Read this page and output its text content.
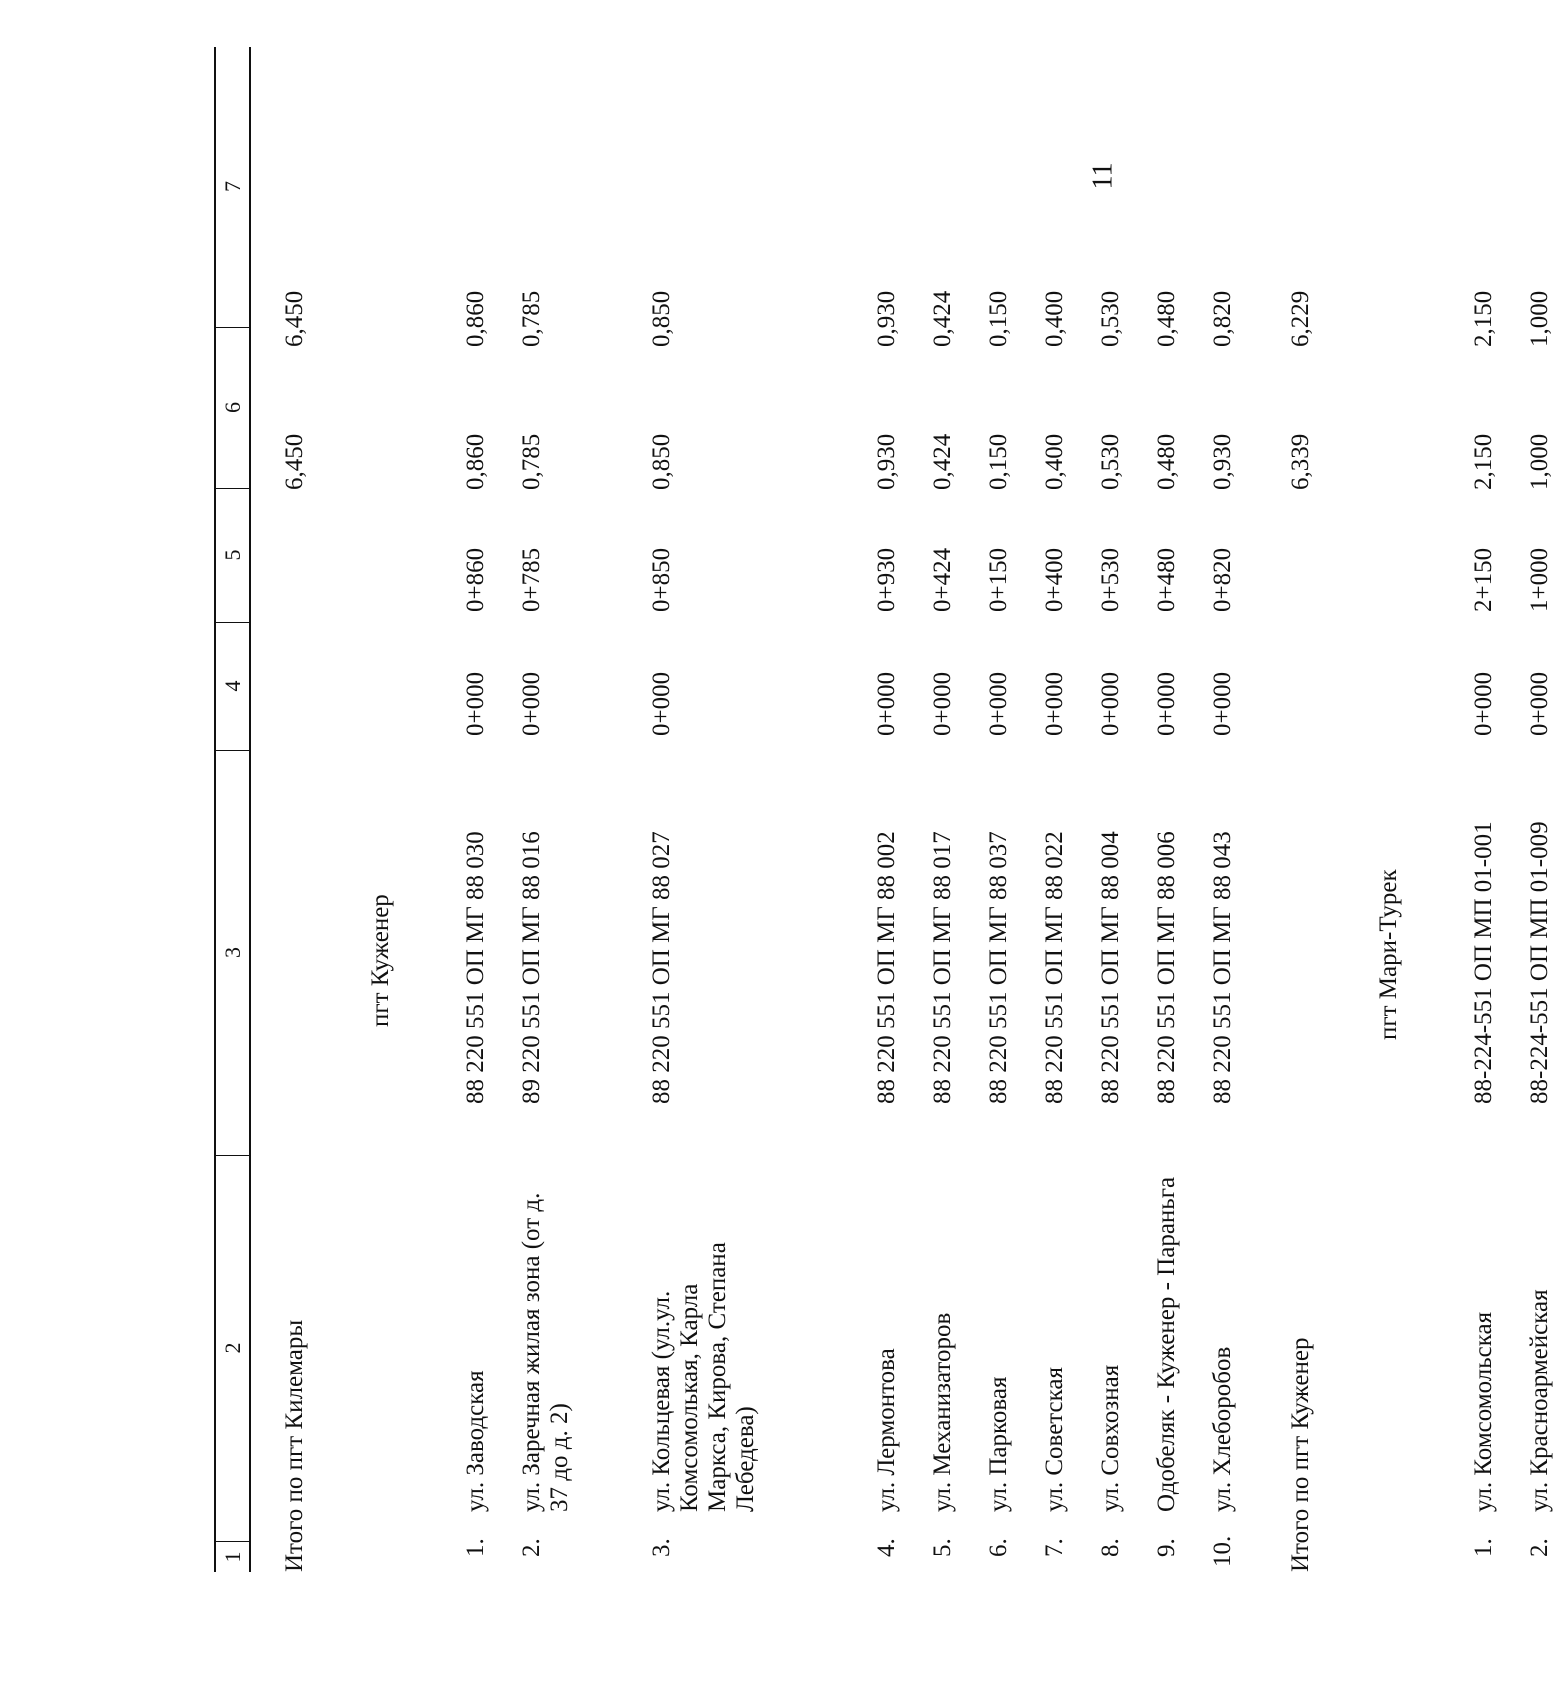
11
1
2
3
4
5
6
7
Итого по пгт Килемары
6,450
6,450
пгт Куженер
1.
ул. Заводская
88 220 551 ОП МГ 88 030
0+000
0+860
0,860
0,860
2.
ул. Заречная жилая зона (от д. 37 до д. 2)
89 220 551 ОП МГ 88 016
0+000
0+785
0,785
0,785
3.
ул. Кольцевая (ул.ул. Комсомолькая, Карла Маркса, Кирова, Степана Лебедева)
88 220 551 ОП МГ 88 027
0+000
0+850
0,850
0,850
4.
ул. Лермонтова
88 220 551 ОП МГ 88 002
0+000
0+930
0,930
0,930
5.
ул. Механизаторов
88 220 551 ОП МГ 88 017
0+000
0+424
0,424
0,424
6.
ул. Парковая
88 220 551 ОП МГ 88 037
0+000
0+150
0,150
0,150
7.
ул. Советская
88 220 551 ОП МГ 88 022
0+000
0+400
0,400
0,400
8.
ул. Совхозная
88 220 551 ОП МГ 88 004
0+000
0+530
0,530
0,530
9.
Одобеляк - Куженер - Параньга
88 220 551 ОП МГ 88 006
0+000
0+480
0,480
0,480
10.
ул. Хлеборобов
88 220 551 ОП МГ 88 043
0+000
0+820
0,930
0,820
Итого по пгт Куженер
6,339
6,229
пгт Мари-Турек
1.
ул. Комсомольская
88-224-551 ОП МП 01-001
0+000
2+150
2,150
2,150
2.
ул. Красноармейская
88-224-551 ОП МП 01-009
0+000
1+000
1,000
1,000
